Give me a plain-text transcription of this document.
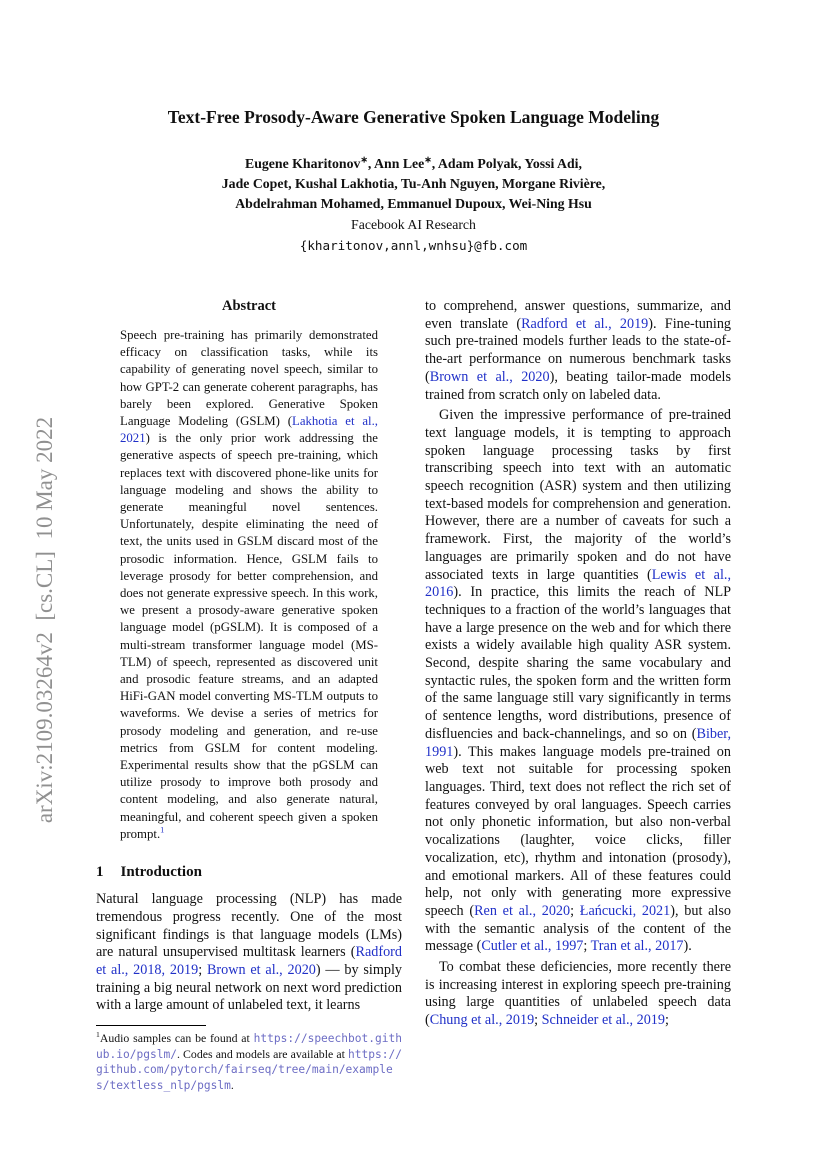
arXiv:2109.03264v2  [cs.CL]  10 May 2022
Text-Free Prosody-Aware Generative Spoken Language Modeling
Eugene Kharitonov∗, Ann Lee∗, Adam Polyak, Yossi Adi,
Jade Copet, Kushal Lakhotia, Tu-Anh Nguyen, Morgane Rivière,
Abdelrahman Mohamed, Emmanuel Dupoux, Wei-Ning Hsu
Facebook AI Research
{kharitonov,annl,wnhsu}@fb.com
Abstract

Speech pre-training has primarily demonstrated efficacy on classification tasks, while its capability of generating novel speech, similar to how GPT-2 can generate coherent paragraphs, has barely been explored. Generative Spoken Language Modeling (GSLM) (Lakhotia et al., 2021) is the only prior work addressing the generative aspects of speech pre-training, which replaces text with discovered phone-like units for language modeling and shows the ability to generate meaningful novel sentences. Unfortunately, despite eliminating the need of text, the units used in GSLM discard most of the prosodic information. Hence, GSLM fails to leverage prosody for better comprehension, and does not generate expressive speech. In this work, we present a prosody-aware generative spoken language model (pGSLM). It is composed of a multi-stream transformer language model (MS-TLM) of speech, represented as discovered unit and prosodic feature streams, and an adapted HiFi-GAN model converting MS-TLM outputs to waveforms. We devise a series of metrics for prosody modeling and generation, and re-use metrics from GSLM for content modeling. Experimental results show that the pGSLM can utilize prosody to improve both prosody and content modeling, and also generate natural, meaningful, and coherent speech given a spoken prompt.$^1$

1 Introduction

Natural language processing (NLP) has made tremendous progress recently. One of the most significant findings is that language models (LMs) are natural unsupervised multitask learners (Radford et al., 2018, 2019; Brown et al., 2020) — by simply training a big neural network on next word prediction with a large amount of unlabeled text, it learns

$^1$Audio samples can be found at https://speechbot.github.io/pgslm/. Codes and models are available at https://github.com/pytorch/fairseq/tree/main/examples/textless_nlp/pgslm.

to comprehend, answer questions, summarize, and even translate (Radford et al., 2019). Fine-tuning such pre-trained models further leads to the state-of-the-art performance on numerous benchmark tasks (Brown et al., 2020), beating tailor-made models trained from scratch only on labeled data.

Given the impressive performance of pre-trained text language models, it is tempting to approach spoken language processing tasks by first transcribing speech into text with an automatic speech recognition (ASR) system and then utilizing text-based models for comprehension and generation. However, there are a number of caveats for such a framework. First, the majority of the world’s languages are primarily spoken and do not have associated texts in large quantities (Lewis et al., 2016). In practice, this limits the reach of NLP techniques to a fraction of the world’s languages that have a large presence on the web and for which there exists a widely available high quality ASR system. Second, despite sharing the same vocabulary and syntactic rules, the spoken form and the written form of the same language still vary significantly in terms of sentence lengths, word distributions, presence of disfluencies and back-channelings, and so on (Biber, 1991). This makes language models pre-trained on web text not suitable for processing spoken languages. Third, text does not reflect the rich set of features conveyed by oral languages. Speech carries not only phonetic information, but also non-verbal vocalizations (laughter, voice clicks, filler vocalization, etc), rhythm and intonation (prosody), and emotional markers. All of these features could help, not only with generating more expressive speech (Ren et al., 2020; Łańcucki, 2021), but also with the semantic analysis of the content of the message (Cutler et al., 1997; Tran et al., 2017).

To combat these deficiencies, more recently there is increasing interest in exploring speech pre-training using large quantities of unlabeled speech data (Chung et al., 2019; Schneider et al., 2019;
